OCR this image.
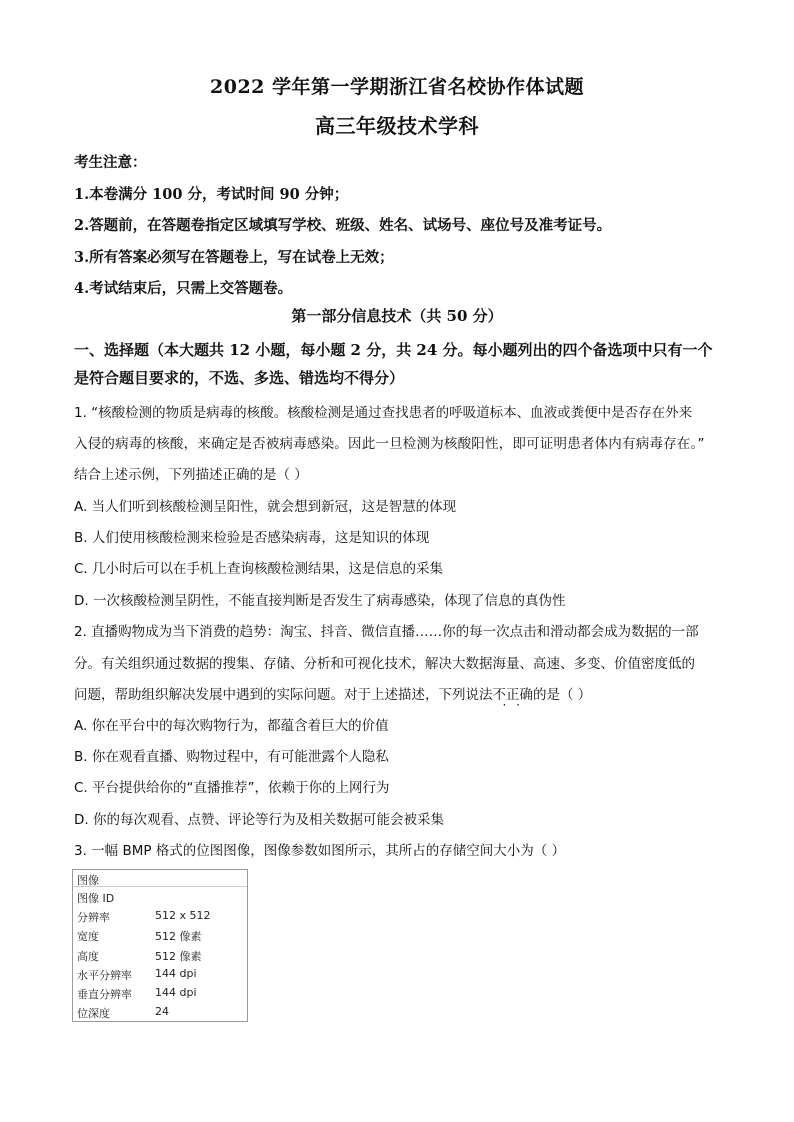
2022 学年第一学期浙江省名校协作体试题
高三年级技术学科
考生注意：
1.本卷满分 100 分，考试时间 90 分钟；
2.答题前，在答题卷指定区域填写学校、班级、姓名、试场号、座位号及准考证号。
3.所有答案必须写在答题卷上，写在试卷上无效；
4.考试结束后，只需上交答题卷。
第一部分信息技术（共 50 分）
一、选择题（本大题共 12 小题，每小题 2 分，共 24 分。每小题列出的四个备选项中只有一个
是符合题目要求的，不选、多选、错选均不得分）
1. “核酸检测的物质是病毒的核酸。核酸检测是通过查找患者的呼吸道标本、血液或粪便中是否存在外来
入侵的病毒的核酸，来确定是否被病毒感染。因此一旦检测为核酸阳性，即可证明患者体内有病毒存在。”
结合上述示例，下列描述正确的是（ ）
A. 当人们听到核酸检测呈阳性，就会想到新冠，这是智慧的体现
B. 人们使用核酸检测来检验是否感染病毒，这是知识的体现
C. 几小时后可以在手机上查询核酸检测结果，这是信息的采集
D. 一次核酸检测呈阴性，不能直接判断是否发生了病毒感染，体现了信息的真伪性
2. 直播购物成为当下消费的趋势：淘宝、抖音、微信直播……你的每一次点击和滑动都会成为数据的一部
分。有关组织通过数据的搜集、存储、分析和可视化技术，解决大数据海量、高速、多变、价值密度低的
问题，帮助组织解决发展中遇到的实际问题。对于上述描述，下列说法不正确 · ·的是（ ）
A. 你在平台中的每次购物行为，都蕴含着巨大的价值
B. 你在观看直播、购物过程中，有可能泄露个人隐私
C. 平台提供给你的“直播推荐”，依赖于你的上网行为
D. 你的每次观看、点赞、评论等行为及相关数据可能会被采集
3. 一幅 BMP 格式的位图图像，图像参数如图所示，其所占的存储空间大小为（ ）
图像
图像 ID
分辨率	512 x 512
宽度	512 像素
高度	512 像素
水平分辨率 144 dpi
垂直分辨率 144 dpi
位深度	24
